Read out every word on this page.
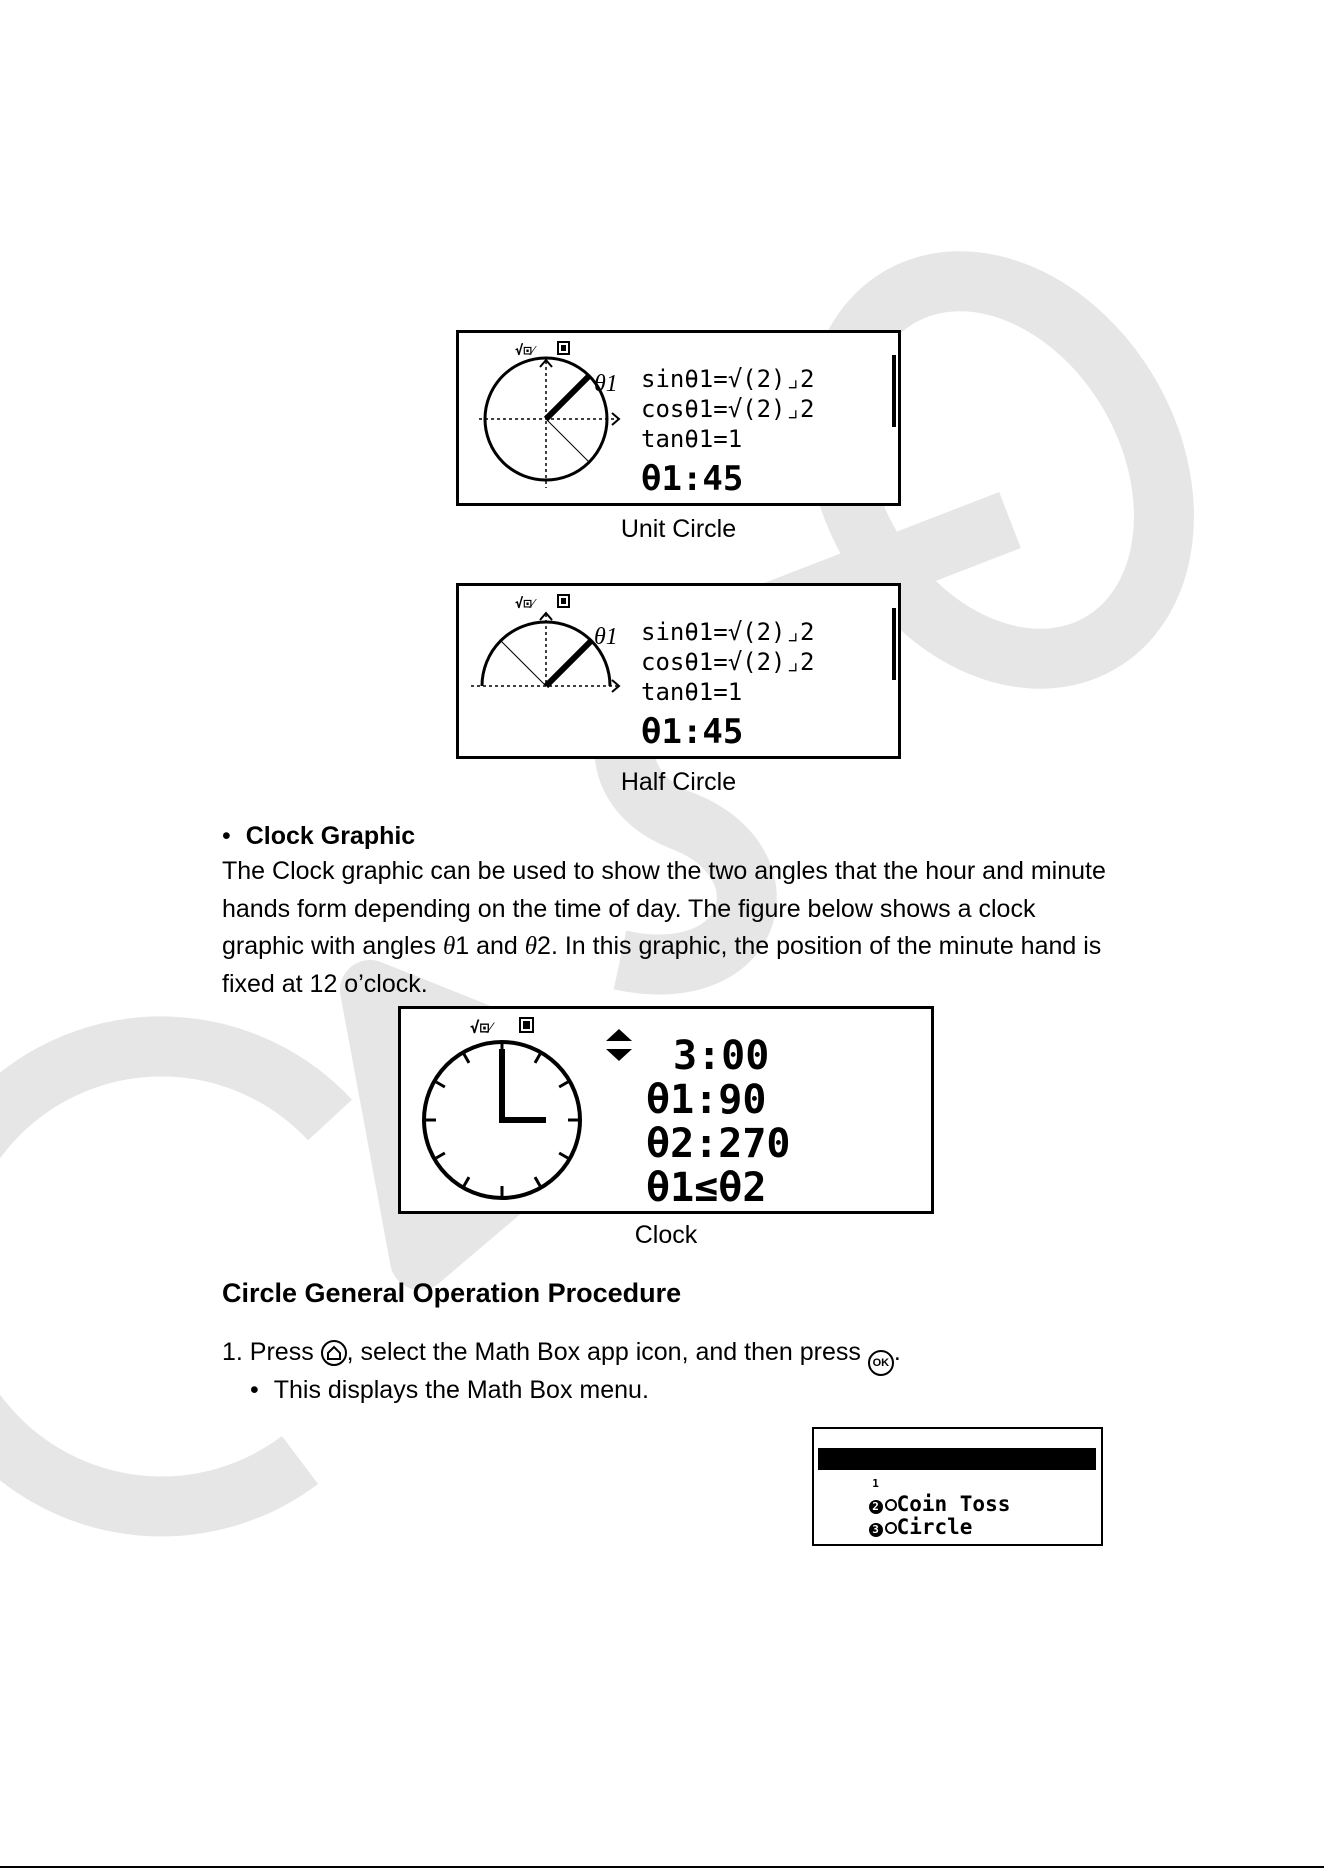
√⊡⁄
θ1 sinθ1=√(2)⌟2
cosθ1=√(2)⌟2
tanθ1=1
θ1:45
Unit Circle
√⊡⁄
θ1 sinθ1=√(2)⌟2
cosθ1=√(2)⌟2
tanθ1=1
θ1:45
Half Circle
• Clock Graphic
The Clock graphic can be used to show the two angles that the hour and minute hands form depending on the time of day. The figure below shows a clock graphic with angles θ1 and θ2. In this graphic, the position of the minute hand is fixed at 12 o’clock.
√⊡⁄
3:00
θ1:90
θ2:270
θ1≤θ2
Clock
Circle General Operation Procedure
1. Press
, select the Math Box app icon, and then press OK .
• This displays the Math Box menu.

1 Dice Roll

2 Coin Toss

3 Circle
